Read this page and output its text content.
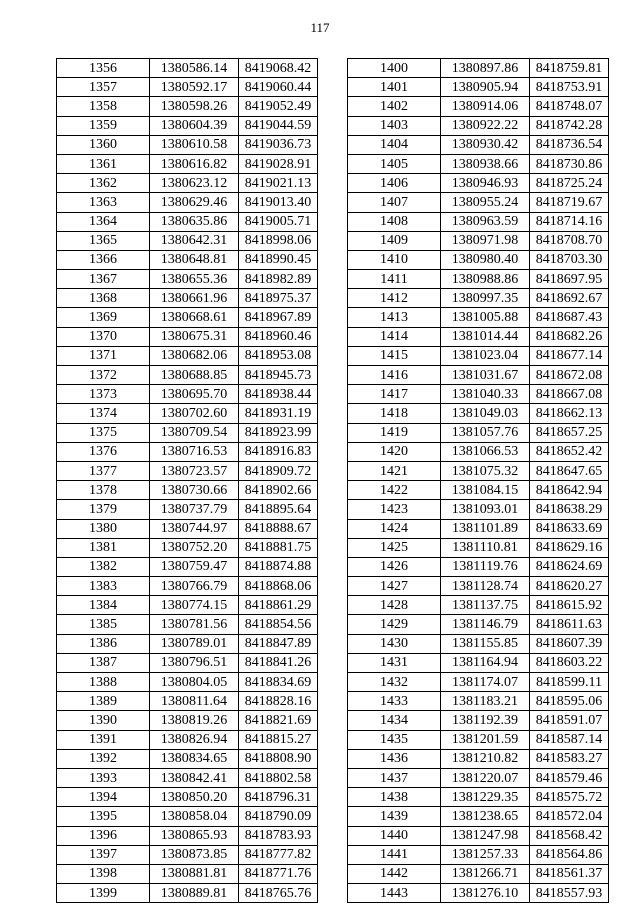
117
1356	1380586.14	8419068.42
1357	1380592.17	8419060.44
1358	1380598.26	8419052.49
1359	1380604.39	8419044.59
1360	1380610.58	8419036.73
1361	1380616.82	8419028.91
1362	1380623.12	8419021.13
1363	1380629.46	8419013.40
1364	1380635.86	8419005.71
1365	1380642.31	8418998.06
1366	1380648.81	8418990.45
1367	1380655.36	8418982.89
1368	1380661.96	8418975.37
1369	1380668.61	8418967.89
1370	1380675.31	8418960.46
1371	1380682.06	8418953.08
1372	1380688.85	8418945.73
1373	1380695.70	8418938.44
1374	1380702.60	8418931.19
1375	1380709.54	8418923.99
1376	1380716.53	8418916.83
1377	1380723.57	8418909.72
1378	1380730.66	8418902.66
1379	1380737.79	8418895.64
1380	1380744.97	8418888.67
1381	1380752.20	8418881.75
1382	1380759.47	8418874.88
1383	1380766.79	8418868.06
1384	1380774.15	8418861.29
1385	1380781.56	8418854.56
1386	1380789.01	8418847.89
1387	1380796.51	8418841.26
1388	1380804.05	8418834.69
1389	1380811.64	8418828.16
1390	1380819.26	8418821.69
1391	1380826.94	8418815.27
1392	1380834.65	8418808.90
1393	1380842.41	8418802.58
1394	1380850.20	8418796.31
1395	1380858.04	8418790.09
1396	1380865.93	8418783.93
1397	1380873.85	8418777.82
1398	1380881.81	8418771.76
1399	1380889.81	8418765.76
1400	1380897.86	8418759.81
1401	1380905.94	8418753.91
1402	1380914.06	8418748.07
1403	1380922.22	8418742.28
1404	1380930.42	8418736.54
1405	1380938.66	8418730.86
1406	1380946.93	8418725.24
1407	1380955.24	8418719.67
1408	1380963.59	8418714.16
1409	1380971.98	8418708.70
1410	1380980.40	8418703.30
1411	1380988.86	8418697.95
1412	1380997.35	8418692.67
1413	1381005.88	8418687.43
1414	1381014.44	8418682.26
1415	1381023.04	8418677.14
1416	1381031.67	8418672.08
1417	1381040.33	8418667.08
1418	1381049.03	8418662.13
1419	1381057.76	8418657.25
1420	1381066.53	8418652.42
1421	1381075.32	8418647.65
1422	1381084.15	8418642.94
1423	1381093.01	8418638.29
1424	1381101.89	8418633.69
1425	1381110.81	8418629.16
1426	1381119.76	8418624.69
1427	1381128.74	8418620.27
1428	1381137.75	8418615.92
1429	1381146.79	8418611.63
1430	1381155.85	8418607.39
1431	1381164.94	8418603.22
1432	1381174.07	8418599.11
1433	1381183.21	8418595.06
1434	1381192.39	8418591.07
1435	1381201.59	8418587.14
1436	1381210.82	8418583.27
1437	1381220.07	8418579.46
1438	1381229.35	8418575.72
1439	1381238.65	8418572.04
1440	1381247.98	8418568.42
1441	1381257.33	8418564.86
1442	1381266.71	8418561.37
1443	1381276.10	8418557.93
